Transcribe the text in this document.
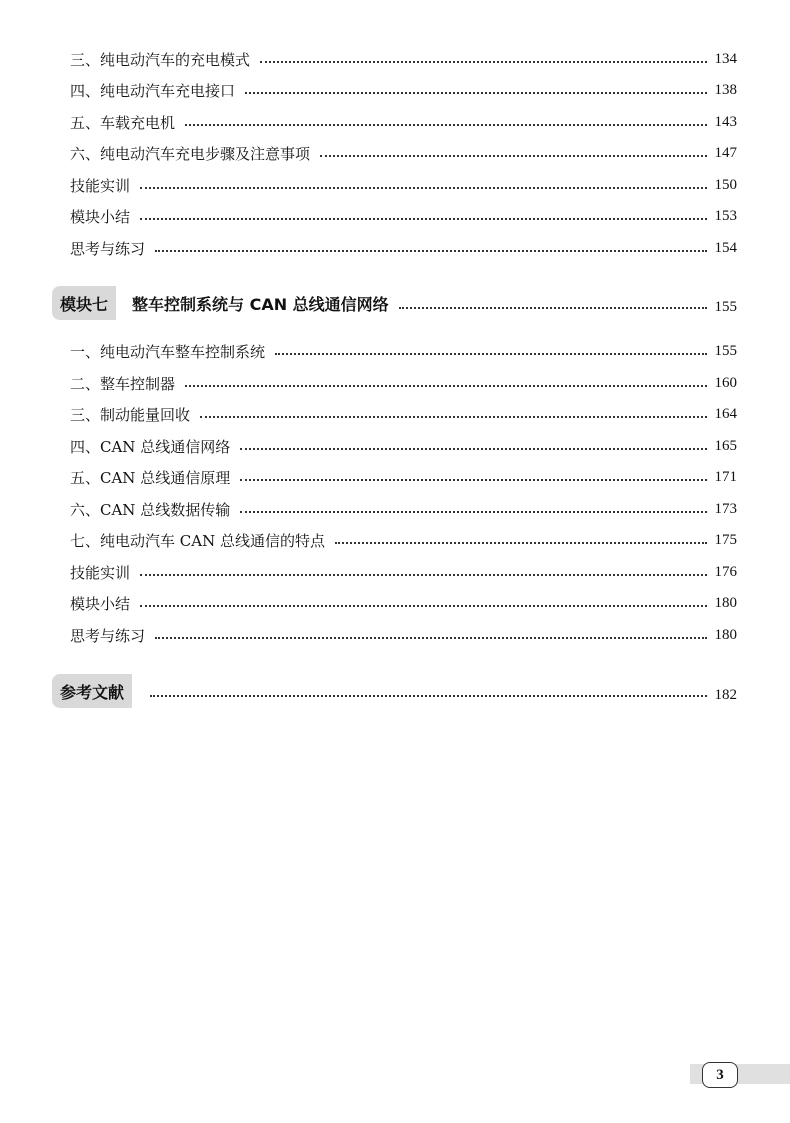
三、纯电动汽车的充电模式	134
四、纯电动汽车充电接口	138
五、车载充电机	143
六、纯电动汽车充电步骤及注意事项	147
技能实训	150
模块小结	153
思考与练习	154
模块七	整车控制系统与 CAN 总线通信网络	155
一、纯电动汽车整车控制系统	155
二、整车控制器	160
三、制动能量回收	164
四、CAN 总线通信网络	165
五、CAN 总线通信原理	171
六、CAN 总线数据传输	173
七、纯电动汽车 CAN 总线通信的特点	175
技能实训	176
模块小结	180
思考与练习	180
参考文献	182
3
